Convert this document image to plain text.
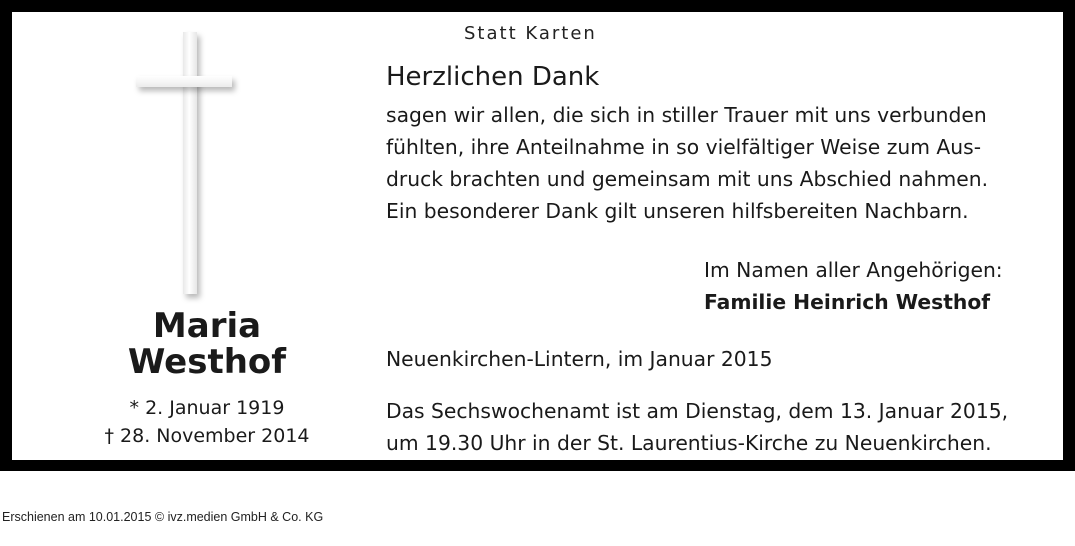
Statt Karten
Maria
Westhof
* 2. Januar 1919
† 28. November 2014
Herzlichen Dank
sagen wir allen, die sich in stiller Trauer mit uns verbunden
fühlten, ihre Anteilnahme in so vielfältiger Weise zum Aus-
druck brachten und gemeinsam mit uns Abschied nahmen.
Ein besonderer Dank gilt unseren hilfsbereiten Nachbarn.
Im Namen aller Angehörigen:
Familie Heinrich Westhof
Neuenkirchen-Lintern, im Januar 2015
Das Sechswochenamt ist am Dienstag, dem 13. Januar 2015,
um 19.30 Uhr in der St. Laurentius-Kirche zu Neuenkirchen.
Erschienen am 10.01.2015 © ivz.medien GmbH & Co. KG
